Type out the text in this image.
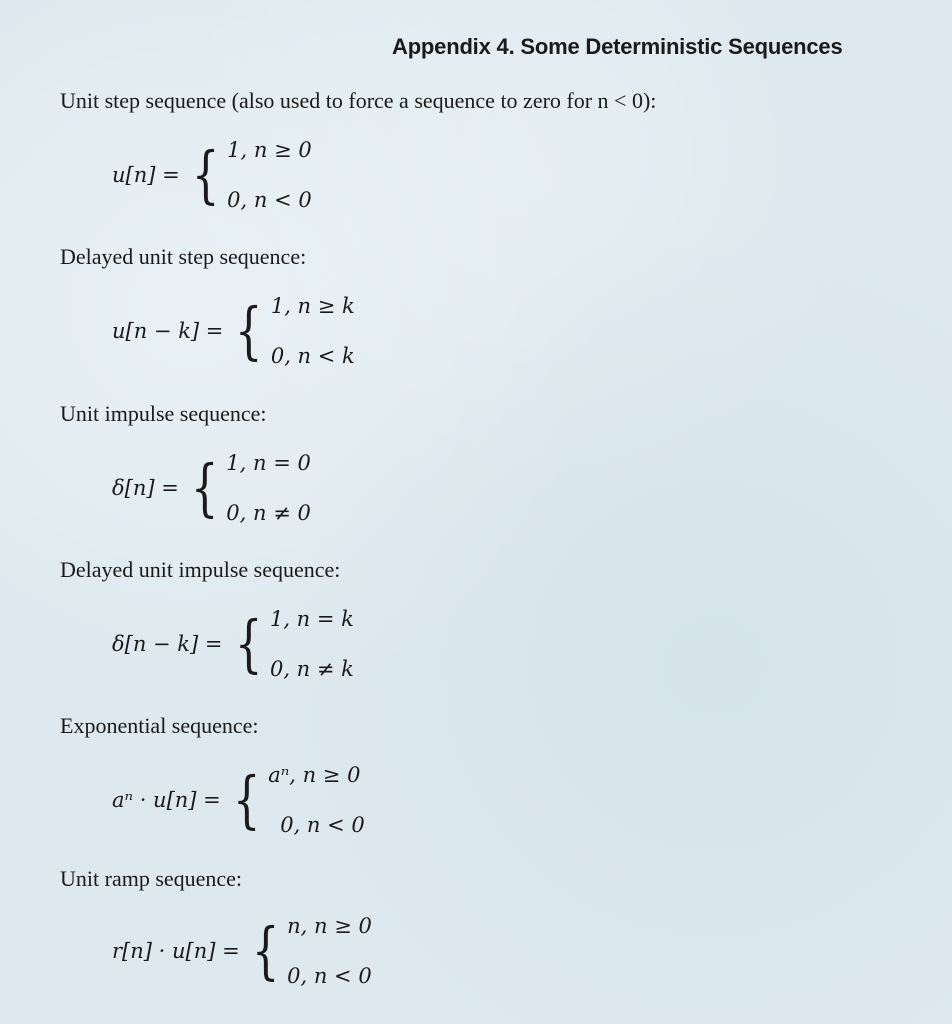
Appendix 4. Some Deterministic Sequences
Unit step sequence (also used to force a sequence to zero for n < 0):
u[n] = { 1, n ≥ 0
0, n < 0
Delayed unit step sequence:
u[n − k] = { 1, n ≥ k
0, n < k
Unit impulse sequence:
δ[n] = { 1, n = 0
0, n ≠ 0
Delayed unit impulse sequence:
δ[n − k] = { 1, n = k
0, n ≠ k
Exponential sequence:
aⁿ · u[n] = { aⁿ, n ≥ 0
0, n < 0
Unit ramp sequence:
r[n] · u[n] = { n, n ≥ 0
0, n < 0
